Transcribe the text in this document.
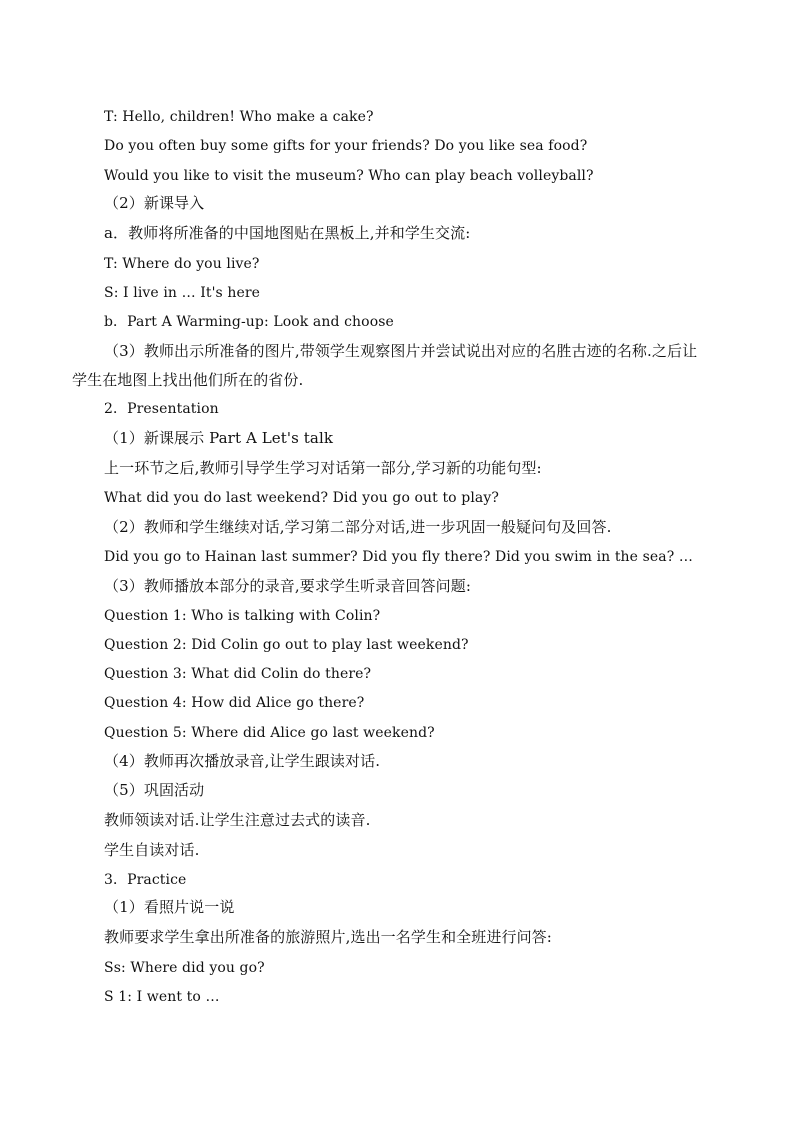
T: Hello, children! Who make a cake?
Do you often buy some gifts for your friends? Do you like sea food?
Would you like to visit the museum? Who can play beach volleyball?
（2）新课导入
a．教师将所准备的中国地图贴在黑板上,并和学生交流:
T: Where do you live?
S: I live in … It's here
b．Part A Warming-up: Look and choose
（3）教师出示所准备的图片,带领学生观察图片并尝试说出对应的名胜古迹的名称.之后让
学生在地图上找出他们所在的省份.
2．Presentation
（1）新课展示 Part A Let's talk
上一环节之后,教师引导学生学习对话第一部分,学习新的功能句型:
What did you do last weekend? Did you go out to play?
（2）教师和学生继续对话,学习第二部分对话,进一步巩固一般疑问句及回答.
Did you go to Hainan last summer? Did you fly there? Did you swim in the sea? …
（3）教师播放本部分的录音,要求学生听录音回答问题:
Question 1: Who is talking with Colin?
Question 2: Did Colin go out to play last weekend?
Question 3: What did Colin do there?
Question 4: How did Alice go there?
Question 5: Where did Alice go last weekend?
（4）教师再次播放录音,让学生跟读对话.
（5）巩固活动
教师领读对话.让学生注意过去式的读音.
学生自读对话.
3．Practice
（1）看照片说一说
教师要求学生拿出所准备的旅游照片,选出一名学生和全班进行问答:
Ss: Where did you go?
S 1: I went to …
